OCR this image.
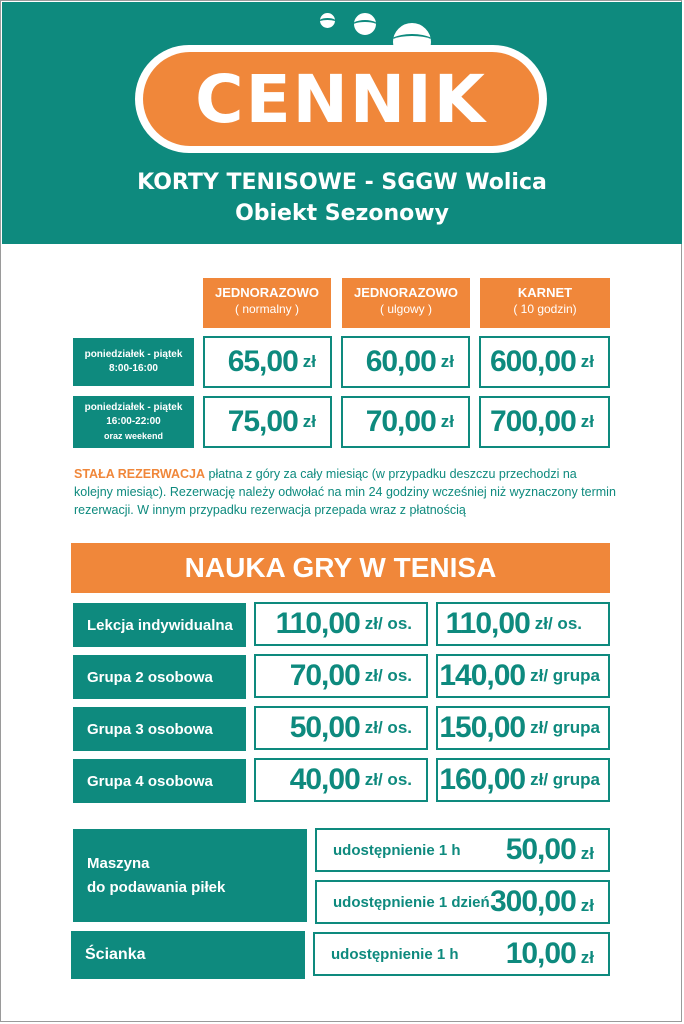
CENNIK
KORTY TENISOWE - SGGW Wolica
Obiekt Sezonowy
JEDNORAZOWO
( normalny )
JEDNORAZOWO
( ulgowy )
KARNET
( 10 godzin)
poniedziałek - piątek
8:00-16:00 65,00 zł 60,00 zł 600,00 zł
poniedziałek - piątek
16:00-22:00
oraz weekend 75,00 zł 70,00 zł 700,00 zł
STAŁA REZERWACJA płatna z góry za cały miesiąc (w przypadku deszczu przechodzi na kolejny miesiąc). Rezerwację należy odwołać na min 24 godziny wcześniej niż wyznaczony termin rezerwacji. W innym przypadku rezerwacja przepada wraz z płatnością
NAUKA GRY W TENISA
Lekcja indywidualna	110,00 zł/ os. 110,00 zł/ os.
Grupa 2 osobowa	70,00 zł/ os. 140,00 zł/ grupa
Grupa 3 osobowa	50,00 zł/ os. 150,00 zł/ grupa
Grupa 4 osobowa	40,00 zł/ os. 160,00 zł/ grupa
Maszyna
do podawania piłek
udostępnienie 1 h 50,00 zł
udostępnienie 1 dzień 300,00 zł
Ścianka	udostępnienie 1 h 10,00 zł
